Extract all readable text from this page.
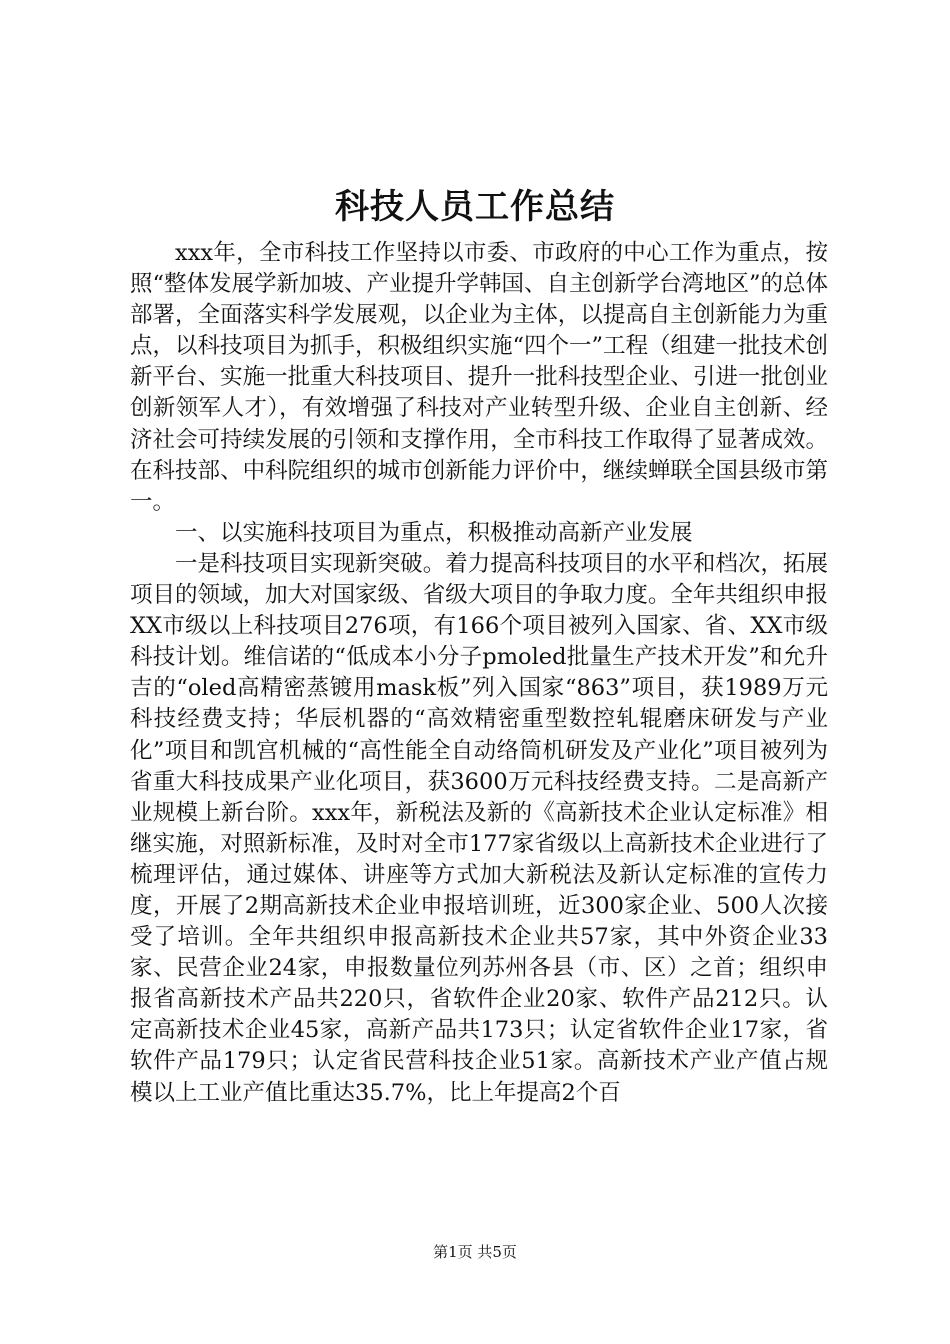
科技人员工作总结

xxx年，全市科技工作坚持以市委、市政府的中心工作为重点，按照“整体发展学新加坡、产业提升学韩国、自主创新学台湾地区”的总体部署，全面落实科学发展观，以企业为主体，以提高自主创新能力为重点，以科技项目为抓手，积极组织实施“四个一”工程（组建一批技术创新平台、实施一批重大科技项目、提升一批科技型企业、引进一批创业创新领军人才），有效增强了科技对产业转型升级、企业自主创新、经济社会可持续发展的引领和支撑作用，全市科技工作取得了显著成效。在科技部、中科院组织的城市创新能力评价中，继续蝉联全国县级市第一。

一、以实施科技项目为重点，积极推动高新产业发展

一是科技项目实现新突破。着力提高科技项目的水平和档次，拓展项目的领域，加大对国家级、省级大项目的争取力度。全年共组织申报XX市级以上科技项目276项，有166个项目被列入国家、省、XX市级科技计划。维信诺的“低成本小分子pmoled批量生产技术开发”和允升吉的“oled高精密蒸镀用mask板”列入国家“863”项目，获1989万元科技经费支持；华辰机器的“高效精密重型数控轧辊磨床研发与产业化”项目和凯宫机械的“高性能全自动络筒机研发及产业化”项目被列为省重大科技成果产业化项目，获3600万元科技经费支持。二是高新产业规模上新台阶。xxx年，新税法及新的《高新技术企业认定标准》相继实施，对照新标准，及时对全市177家省级以上高新技术企业进行了梳理评估，通过媒体、讲座等方式加大新税法及新认定标准的宣传力度，开展了2期高新技术企业申报培训班，近300家企业、500人次接受了培训。全年共组织申报高新技术企业共57家，其中外资企业33家、民营企业24家，申报数量位列苏州各县（市、区）之首；组织申报省高新技术产品共220只，省软件企业20家、软件产品212只。认定高新技术企业45家，高新产品共173只；认定省软件企业17家，省软件产品179只；认定省民营科技企业51家。高新技术产业产值占规模以上工业产值比重达35.7%，比上年提高2个百

第1页 共5页
